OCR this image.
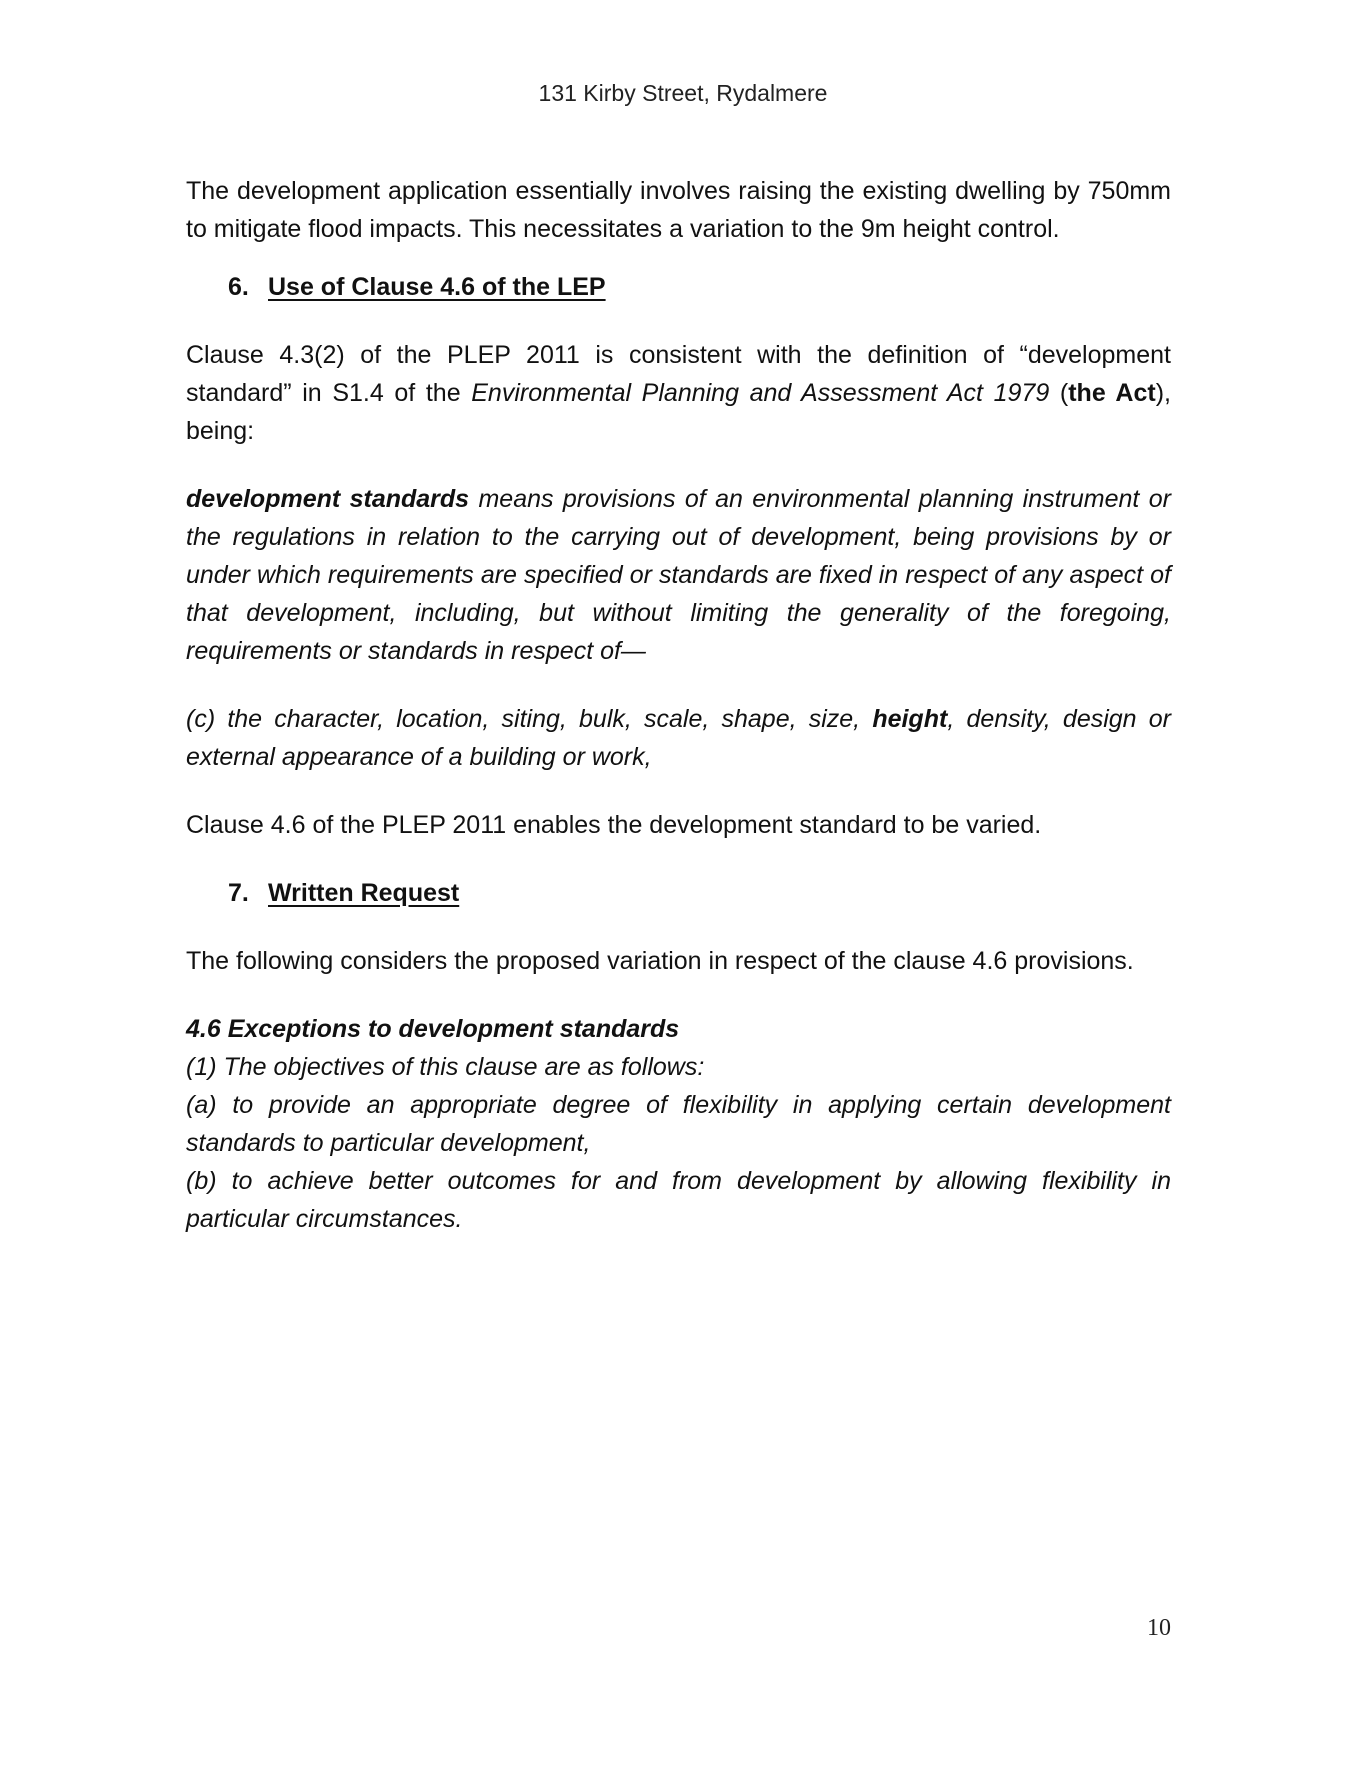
131 Kirby Street, Rydalmere

The development application essentially involves raising the existing dwelling by 750mm to mitigate flood impacts. This necessitates a variation to the 9m height control.

6. Use of Clause 4.6 of the LEP

Clause 4.3(2) of the PLEP 2011 is consistent with the definition of “development standard” in S1.4 of the Environmental Planning and Assessment Act 1979 (the Act), being:

development standards means provisions of an environmental planning instrument or the regulations in relation to the carrying out of development, being provisions by or under which requirements are specified or standards are fixed in respect of any aspect of that development, including, but without limiting the generality of the foregoing, requirements or standards in respect of—

(c) the character, location, siting, bulk, scale, shape, size, height, density, design or external appearance of a building or work,

Clause 4.6 of the PLEP 2011 enables the development standard to be varied.

7. Written Request

The following considers the proposed variation in respect of the clause 4.6 provisions.

4.6 Exceptions to development standards

(1) The objectives of this clause are as follows:

(a) to provide an appropriate degree of flexibility in applying certain development standards to particular development,

(b) to achieve better outcomes for and from development by allowing flexibility in particular circumstances.

10
